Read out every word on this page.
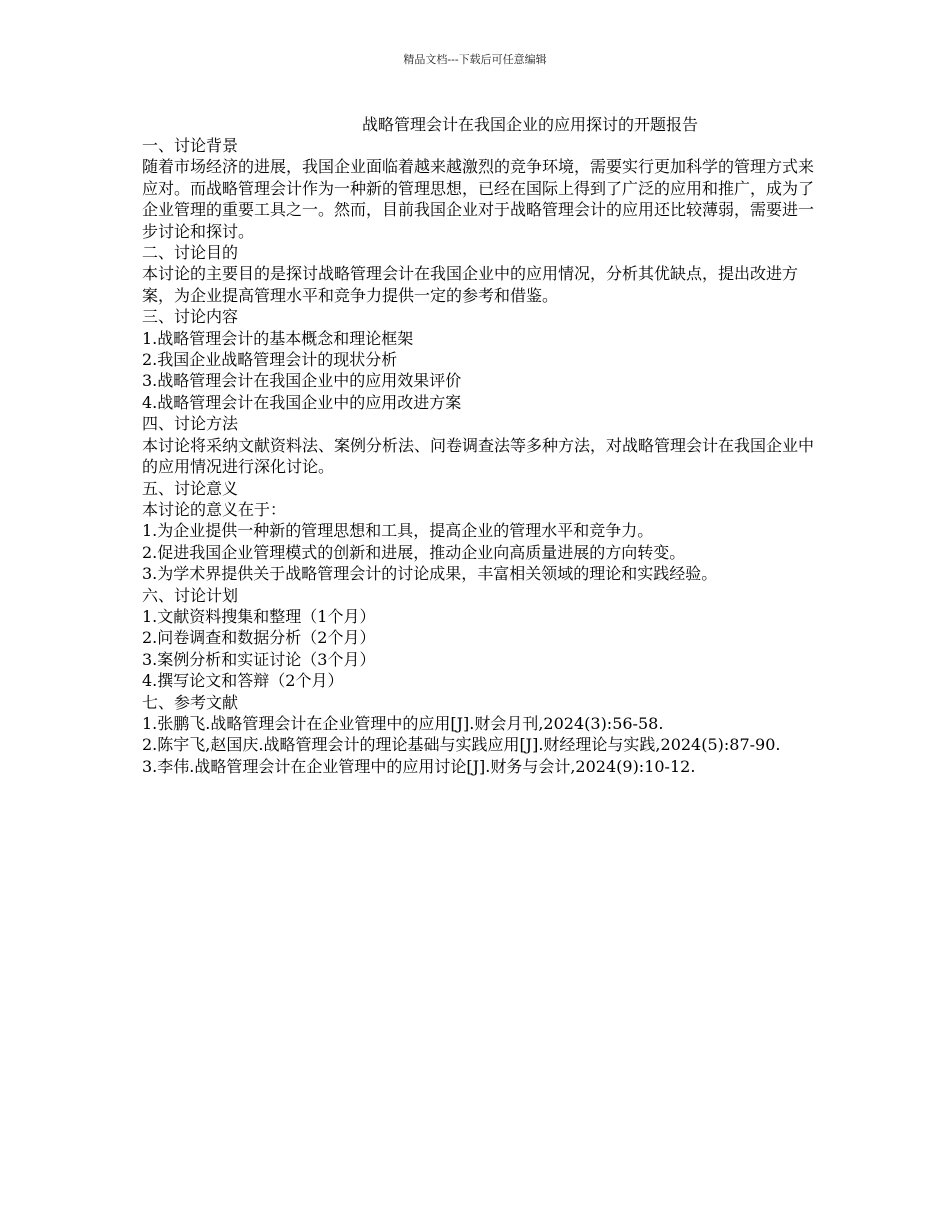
精品文档---下载后可任意编辑
战略管理会计在我国企业的应用探讨的开题报告
一、讨论背景
随着市场经济的进展，我国企业面临着越来越激烈的竞争环境，需要实行更加科学的管理方式来应对。而战略管理会计作为一种新的管理思想，已经在国际上得到了广泛的应用和推广，成为了企业管理的重要工具之一。然而，目前我国企业对于战略管理会计的应用还比较薄弱，需要进一步讨论和探讨。
二、讨论目的
本讨论的主要目的是探讨战略管理会计在我国企业中的应用情况，分析其优缺点，提出改进方案，为企业提高管理水平和竞争力提供一定的参考和借鉴。
三、讨论内容
1.战略管理会计的基本概念和理论框架
2.我国企业战略管理会计的现状分析
3.战略管理会计在我国企业中的应用效果评价
4.战略管理会计在我国企业中的应用改进方案
四、讨论方法
本讨论将采纳文献资料法、案例分析法、问卷调查法等多种方法，对战略管理会计在我国企业中的应用情况进行深化讨论。
五、讨论意义
本讨论的意义在于：
1.为企业提供一种新的管理思想和工具，提高企业的管理水平和竞争力。
2.促进我国企业管理模式的创新和进展，推动企业向高质量进展的方向转变。
3.为学术界提供关于战略管理会计的讨论成果，丰富相关领域的理论和实践经验。
六、讨论计划
1.文献资料搜集和整理（1个月）
2.问卷调查和数据分析（2个月）
3.案例分析和实证讨论（3个月）
4.撰写论文和答辩（2个月）
七、参考文献
1.张鹏飞.战略管理会计在企业管理中的应用[J].财会月刊,2024(3):56-58.
2.陈宇飞,赵国庆.战略管理会计的理论基础与实践应用[J].财经理论与实践,2024(5):87-90.
3.李伟.战略管理会计在企业管理中的应用讨论[J].财务与会计,2024(9):10-12.
